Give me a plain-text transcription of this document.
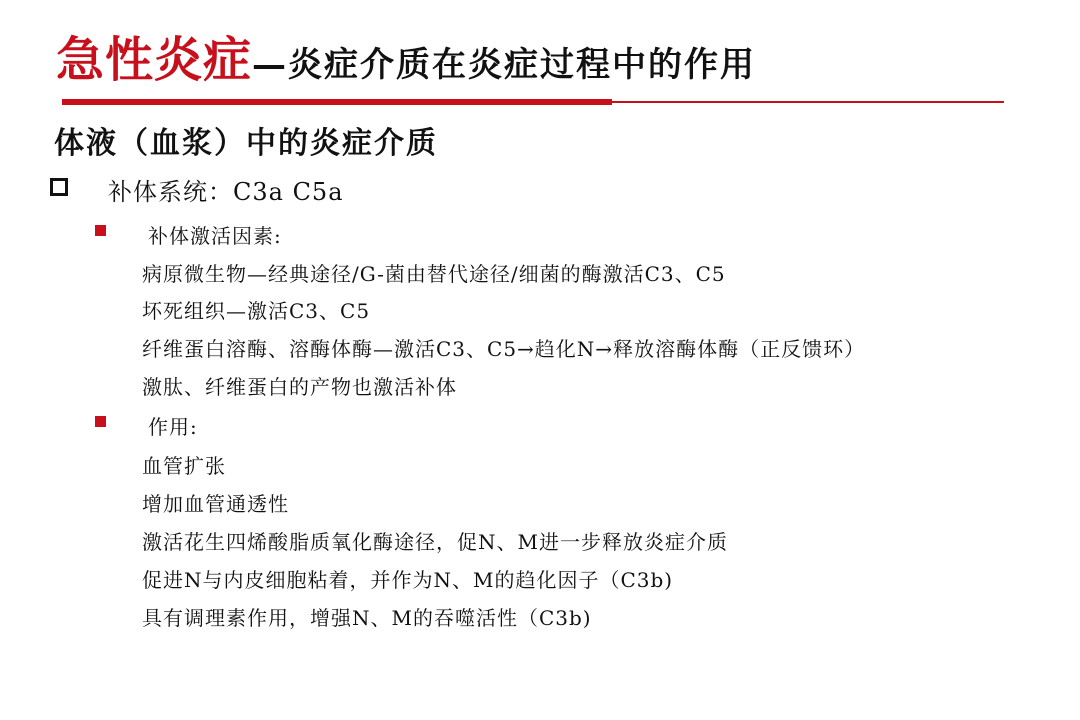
急性炎症—炎症介质在炎症过程中的作用
体液（血浆）中的炎症介质
补体系统：C3a C5a
补体激活因素:
病原微生物—经典途径/G-菌由替代途径/细菌的酶激活C3、C5
坏死组织—激活C3、C5
纤维蛋白溶酶、溶酶体酶—激活C3、C5→趋化N→释放溶酶体酶（正反馈环）
激肽、纤维蛋白的产物也激活补体
作用:
血管扩张
增加血管通透性
激活花生四烯酸脂质氧化酶途径，促N、M进一步释放炎症介质
促进N与内皮细胞粘着，并作为N、M的趋化因子（C3b)
具有调理素作用，增强N、M的吞噬活性（C3b)
